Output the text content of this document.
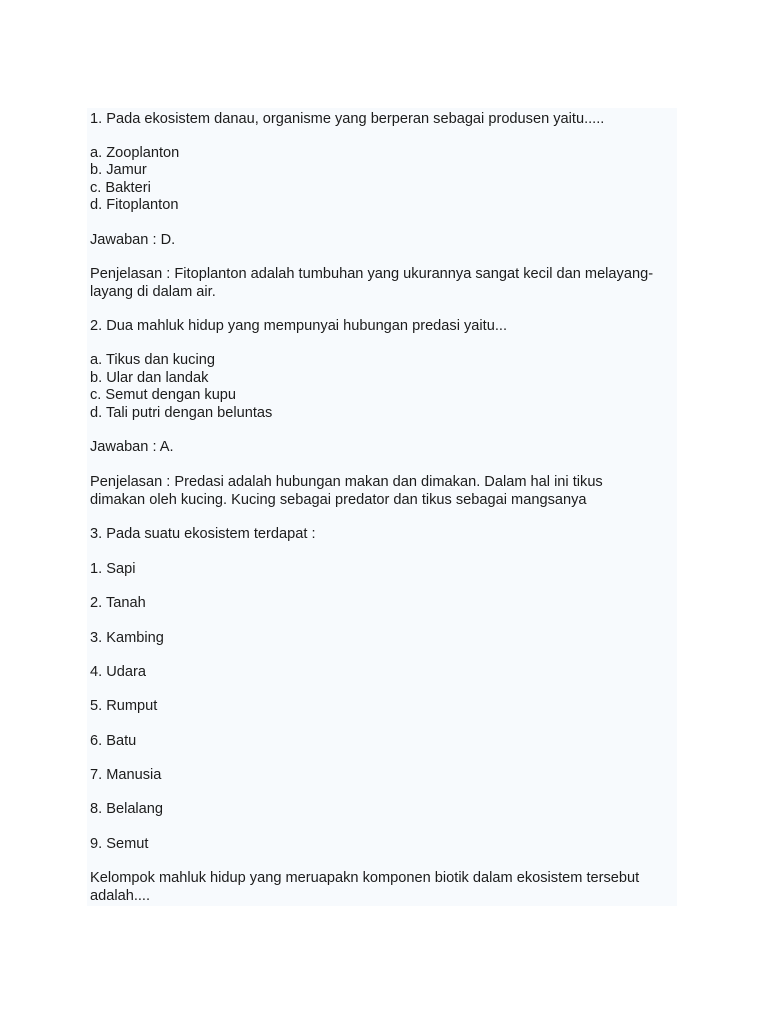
1. Pada ekosistem danau, organisme yang berperan sebagai produsen yaitu.....
a. Zooplanton
b. Jamur
c. Bakteri
d. Fitoplanton
Jawaban : D.
Penjelasan : Fitoplanton adalah tumbuhan yang ukurannya sangat kecil dan melayang-
layang di dalam air.
2. Dua mahluk hidup yang mempunyai hubungan predasi yaitu...
a. Tikus dan kucing
b. Ular dan landak
c. Semut dengan kupu
d. Tali putri dengan beluntas
Jawaban : A.
Penjelasan : Predasi adalah hubungan makan dan dimakan. Dalam hal ini tikus
dimakan oleh kucing. Kucing sebagai predator dan tikus sebagai mangsanya
3. Pada suatu ekosistem terdapat :
1. Sapi
2. Tanah
3. Kambing
4. Udara
5. Rumput
6. Batu
7. Manusia
8. Belalang
9. Semut
Kelompok mahluk hidup yang meruapakn komponen biotik dalam ekosistem tersebut
adalah....
